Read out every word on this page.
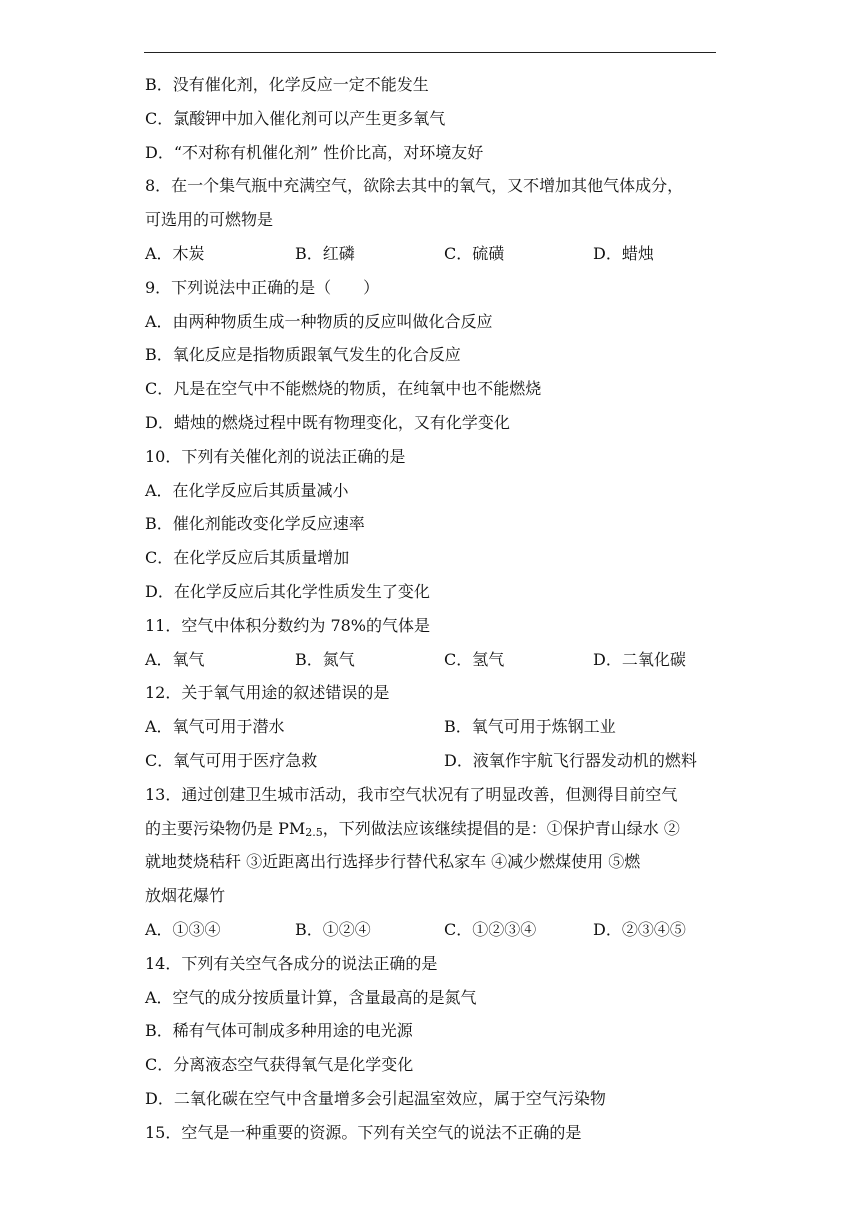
B．没有催化剂，化学反应一定不能发生
C．氯酸钾中加入催化剂可以产生更多氧气
D．“不对称有机催化剂” 性价比高，对环境友好
8．在一个集气瓶中充满空气，欲除去其中的氧气，又不增加其他气体成分，
可选用的可燃物是
A．木炭	B．红磷	C．硫磺	D．蜡烛
9．下列说法中正确的是（　　）
A．由两种物质生成一种物质的反应叫做化合反应
B．氧化反应是指物质跟氧气发生的化合反应
C．凡是在空气中不能燃烧的物质，在纯氧中也不能燃烧
D．蜡烛的燃烧过程中既有物理变化，又有化学变化
10．下列有关催化剂的说法正确的是
A．在化学反应后其质量减小
B．催化剂能改变化学反应速率
C．在化学反应后其质量增加
D．在化学反应后其化学性质发生了变化
11．空气中体积分数约为 78%的气体是
A．氧气	B．氮气	C．氢气	D．二氧化碳
12．关于氧气用途的叙述错误的是
A．氧气可用于潜水	B．氧气可用于炼钢工业
C．氧气可用于医疗急救	D．液氧作宇航飞行器发动机的燃料
13．通过创建卫生城市活动，我市空气状况有了明显改善，但测得目前空气
的主要污染物仍是 PM2.5，下列做法应该继续提倡的是：①保护青山绿水 ②
就地焚烧秸秆 ③近距离出行选择步行替代私家车 ④减少燃煤使用 ⑤燃
放烟花爆竹
A．①③④	B．①②④	C．①②③④	D．②③④⑤
14．下列有关空气各成分的说法正确的是
A．空气的成分按质量计算，含量最高的是氮气
B．稀有气体可制成多种用途的电光源
C．分离液态空气获得氧气是化学变化
D．二氧化碳在空气中含量增多会引起温室效应，属于空气污染物
15．空气是一种重要的资源。下列有关空气的说法不正确的是
